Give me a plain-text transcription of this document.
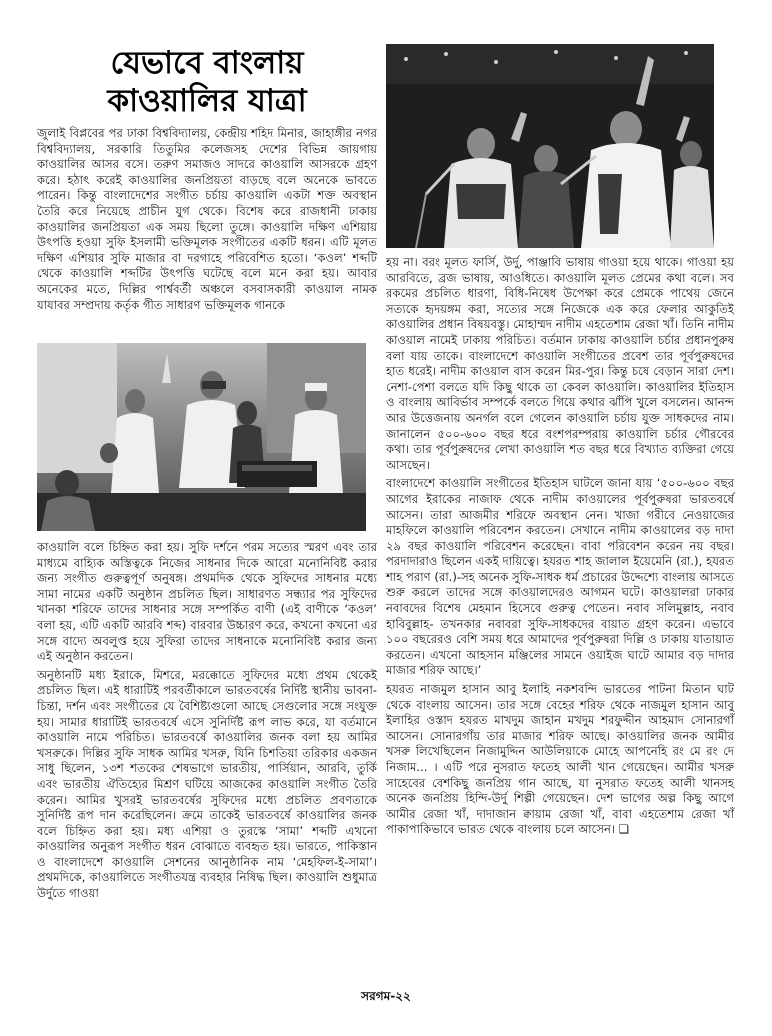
যেভাবে বাংলায়
কাওয়ালির যাত্রা

জুলাই বিপ্লবের পর ঢাকা বিশ্ববিদ্যালয়, কেন্দ্রীয় শহিদ মিনার, জাহাঙ্গীর নগর বিশ্ববিদ্যালয়, সরকারি তিতুমির কলেজসহ দেশের বিভিন্ন জায়গায় কাওয়ালির আসর বসে। তরুণ সমাজও সাদরে কাওয়ালি আসরকে গ্রহণ করে। হঠাৎ করেই কাওয়ালির জনপ্রিয়তা বাড়ছে বলে অনেকে ভাবতে পারেন। কিন্তু বাংলাদেশের সংগীত চর্চায় কাওয়ালি একটা শক্ত অবস্থান তৈরি করে নিয়েছে প্রাচীন যুগ থেকে। বিশেষ করে রাজধানী ঢাকায় কাওয়ালির জনপ্রিয়তা এক সময় ছিলো তুঙ্গে। কাওয়ালি দক্ষিণ এশিয়ায় উৎপত্তি হওয়া সুফি ইসলামী ভক্তিমূলক সংগীতের একটি ধরন। এটি মূলত দক্ষিণ এশিয়ার সুফি মাজার বা দরগাহে পরিবেশিত হতো। ‘কওল’ শব্দটি থেকে কাওয়ালি শব্দটির উৎপত্তি ঘটেছে বলে মনে করা হয়। আবার অনেকের মতে, দিল্লির পার্শ্ববর্তী অঞ্চলে বসবাসকারী কাওয়াল নামক যাযাবর সম্প্রদায় কর্তৃক গীত সাধারণ ভক্তিমূলক গানকে

কাওয়ালি বলে চিহ্নিত করা হয়। সুফি দর্শনে পরম সত্যের স্মরণ এবং তার মাধ্যমে বাহ্যিক অস্তিত্বকে নিজের সাধনার দিকে আরো মনোনিবিষ্ট করার জন্য সংগীত গুরুত্বপূর্ণ অনুষঙ্গ। প্রথমদিক থেকে সুফিদের সাধনার মধ্যে সামা নামের একটি অনুষ্ঠান প্রচলিত ছিল। সাধারণত সন্ধ্যার পর সুফিদের খানকা শরিফে তাদের সাধনার সঙ্গে সম্পর্কিত বাণী (এই বাণীকে ‘কওল’ বলা হয়, এটি একটি আরবি শব্দ) বারবার উচ্চারণ করে, কখনো কখনো এর সঙ্গে বাদ্যে অবলুপ্ত হয়ে সুফিরা তাদের সাধনাকে মনোনিবিষ্ট করার জন্য এই অনুষ্ঠান করতেন।

অনুষ্ঠানটি মধ্য ইরাকে, মিশরে, মরক্কোতে সুফিদের মধ্যে প্রথম থেকেই প্রচলিত ছিল। এই ধারাটিই পরবর্তীকালে ভারতবর্ষের নির্দিষ্ট স্থানীয় ভাবনা-চিন্তা, দর্শন এবং সংগীতের যে বৈশিষ্ট্যগুলো আছে সেগুলোর সঙ্গে সংযুক্ত হয়। সামার ধারাটিই ভারতবর্ষে এসে সুনির্দিষ্ট রূপ লাভ করে, যা বর্তমানে কাওয়ালি নামে পরিচিত। ভারতবর্ষে কাওয়ালির জনক বলা হয় আমির খসরুকে। দিল্লির সুফি সাধক আমির খসরু, যিনি চিশতিয়া তরিকার একজন সাধু ছিলেন, ১৩শ শতকের শেষভাগে ভারতীয়, পার্সিয়ান, আরবি, তুর্কি এবং ভারতীয় ঐতিহ্যের মিশ্রণ ঘটিয়ে আজকের কাওয়ালি সংগীত তৈরি করেন। আমির খুসরই ভারতবর্ষের সুফিদের মধ্যে প্রচলিত প্রবণতাকে সুনির্দিষ্ট রূপ দান করেছিলেন। ক্রমে তাকেই ভারতবর্ষে কাওয়ালির জনক বলে চিহ্নিত করা হয়। মধ্য এশিয়া ও তুরস্কে ‘সামা’ শব্দটি এখনো কাওয়ালির অনুরূপ সংগীত ধরন বোঝাতে ব্যবহৃত হয়। ভারতে, পাকিস্তান ও বাংলাদেশে কাওয়ালি সেশনের আনুষ্ঠানিক নাম ‘মেহফিল-ই-সামা’। প্রথমদিকে, কাওয়ালিতে সংগীতযন্ত্র ব্যবহার নিষিদ্ধ ছিল। কাওয়ালি শুধুমাত্র উর্দুতে গাওয়া

হয় না। বরং মূলত ফার্সি, উর্দু, পাঞ্জাবি ভাষায় গাওয়া হয়ে থাকে। গাওয়া হয় আরবিতে, ব্রজ ভাষায়, আওধিতে। কাওয়ালি মূলত প্রেমের কথা বলে। সব রকমের প্রচলিত ধারণা, বিধি-নিষেধ উপেক্ষা করে প্রেমকে পাথেয় জেনে সত্যকে হৃদয়ঙ্গম করা, সত্যের সঙ্গে নিজেকে এক করে ফেলার আকুতিই কাওয়ালির প্রধান বিষয়বস্তু। মোহাম্মদ নাদীম এহতেশাম রেজা খাঁ। তিনি নাদীম কাওয়াল নামেই ঢাকায় পরিচিত। বর্তমান ঢাকায় কাওয়ালি চর্চার প্রধানপুরুষ বলা যায় তাকে। বাংলাদেশে কাওয়ালি সংগীতের প্রবেশ তার পূর্বপুরুষদের হাত ধরেই। নাদীম কাওয়াল বাস করেন মির-পুর। কিন্তু চষে বেড়ান সারা দেশ। নেশা-পেশা বলতে যদি কিছু থাকে তা কেবল কাওয়ালি। কাওয়ালির ইতিহাস ও বাংলায় আবির্ভাব সম্পর্কে বলতে গিয়ে কথার ঝাঁপি খুলে বসলেন। আনন্দ আর উত্তেজনায় অনর্গল বলে গেলেন কাওয়ালি চর্চায় যুক্ত সাধকদের নাম। জানালেন ৫০০-৬০০ বছর ধরে বংশপরম্পরায় কাওয়ালি চর্চার গৌরবের কথা। তার পূর্বপুরুষদের লেখা কাওয়ালি শত বছর ধরে বিখ্যাত ব্যক্তিরা গেয়ে আসছেন।

বাংলাদেশে কাওয়ালি সংগীতের ইতিহাস ঘাটলে জানা যায় ‘৫০০-৬০০ বছর আগের ইরাকের নাজাফ থেকে নাদীম কাওয়ালের পূর্বপুরুষরা ভারতবর্ষে আসেন। তারা আজমীর শরিফে অবস্থান নেন। খাজা গরীবে নেওয়াজের মাহফিলে কাওয়ালি পরিবেশন করতেন। সেখানে নাদীম কাওয়ালের বড় দাদা ২৯ বছর কাওয়ালি পরিবেশন করেছেন। বাবা পরিবেশন করেন নয় বছর। পরদাদারাও ছিলেন একই দায়িত্বে। হযরত শাহ জালাল ইয়েমেনি (রা.), হযরত শাহ পরাণ (রা.)-সহ অনেক সুফি-সাধক ধর্ম প্রচারের উদ্দেশ্যে বাংলায় আসতে শুরু করলে তাদের সঙ্গে কাওয়ালদেরও আগমন ঘটে। কাওয়ালরা ঢাকার নবাবদের বিশেষ মেহমান হিসেবে গুরুত্ব পেতেন। নবাব সলিমুল্লাহ, নবাব হাবিবুল্লাহ- তখনকার নবাবরা সুফি-সাধকদের বায়াত গ্রহণ করেন। এভাবে ১০০ বছরেরও বেশি সময় ধরে আমাদের পূর্বপুরুষরা দিল্লি ও ঢাকায় যাতায়াত করতেন। এখনো আহসান মঞ্জিলের সামনে ওয়াইজ ঘাটে আমার বড় দাদার মাজার শরিফ আছে।’

হযরত নাজমুল হাসান আবু ইলাহি নকশবন্দি ভারতের পাটনা মিতান ঘাট থেকে বাংলায় আসেন। তার সঙ্গে বেহের শরিফ থেকে নাজমুল হাসান আবু ইলাহির ওস্তাদ হযরত মাখদুম জাহান মখদুম শরফুদ্দীন আহমাদ সোনারগাঁ আসেন। সোনারগাঁয় তার মাজার শরিফ আছে। কাওয়ালির জনক আমীর খসরু লিখেছিলেন নিজামুদ্দিন আউলিয়াকে মোহে আপনেহি রং মে রং দে নিজাম... । এটি পরে নুসরাত ফতেহ আলী খান গেয়েছেন। আমীর খসরু সাহেবের বেশকিছু জনপ্রিয় গান আছে, যা নুসরাত ফতেহ আলী খানসহ অনেক জনপ্রিয় হিন্দি-উর্দু শিল্পী গেয়েছেন। দেশ ভাগের অল্প কিছু আগে আমীর রেজা খাঁ, দাদাজান ক্বায়াম রেজা খাঁ, বাবা এহতেশাম রেজা খাঁ পাকাপাকিভাবে ভারত থেকে বাংলায় চলে আসেন। ❏

সরগম-২২
